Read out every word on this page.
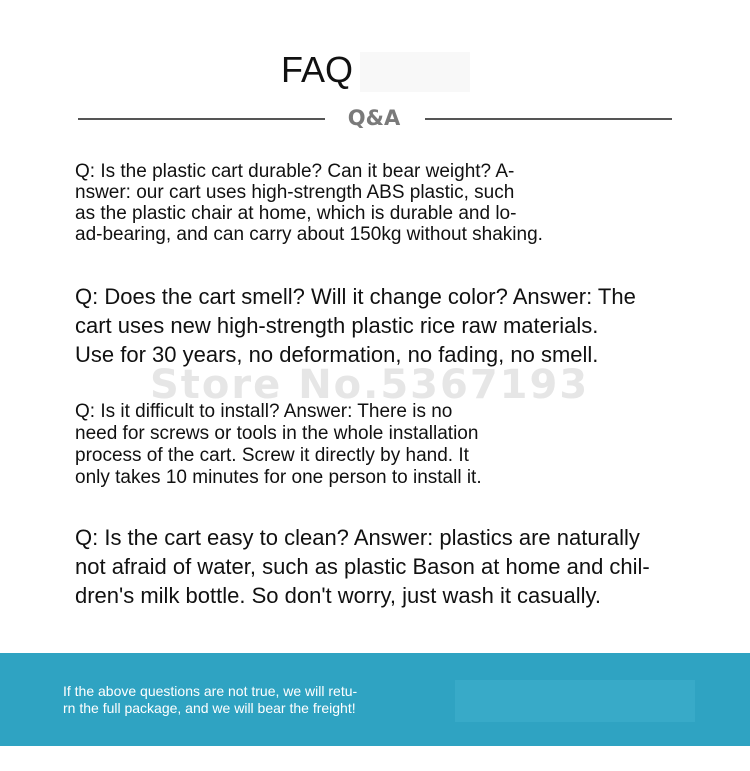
FAQ
Q&A
Store No.5367193

Q: Is the plastic cart durable? Can it bear weight? A-
nswer: our cart uses high-strength ABS plastic, such
as the plastic chair at home, which is durable and lo-
ad-bearing, and can carry about 150kg without shaking.

Q: Does the cart smell? Will it change color? Answer: The
cart uses new high-strength plastic rice raw materials.
Use for 30 years, no deformation, no fading, no smell.

Q: Is it difficult to install? Answer: There is no
need for screws or tools in the whole installation
process of the cart. Screw it directly by hand. It
only takes 10 minutes for one person to install it.

Q: Is the cart easy to clean? Answer: plastics are naturally
not afraid of water, such as plastic Bason at home and chil-
dren's milk bottle. So don't worry, just wash it casually.

If the above questions are not true, we will retu-
rn the full package, and we will bear the freight!
